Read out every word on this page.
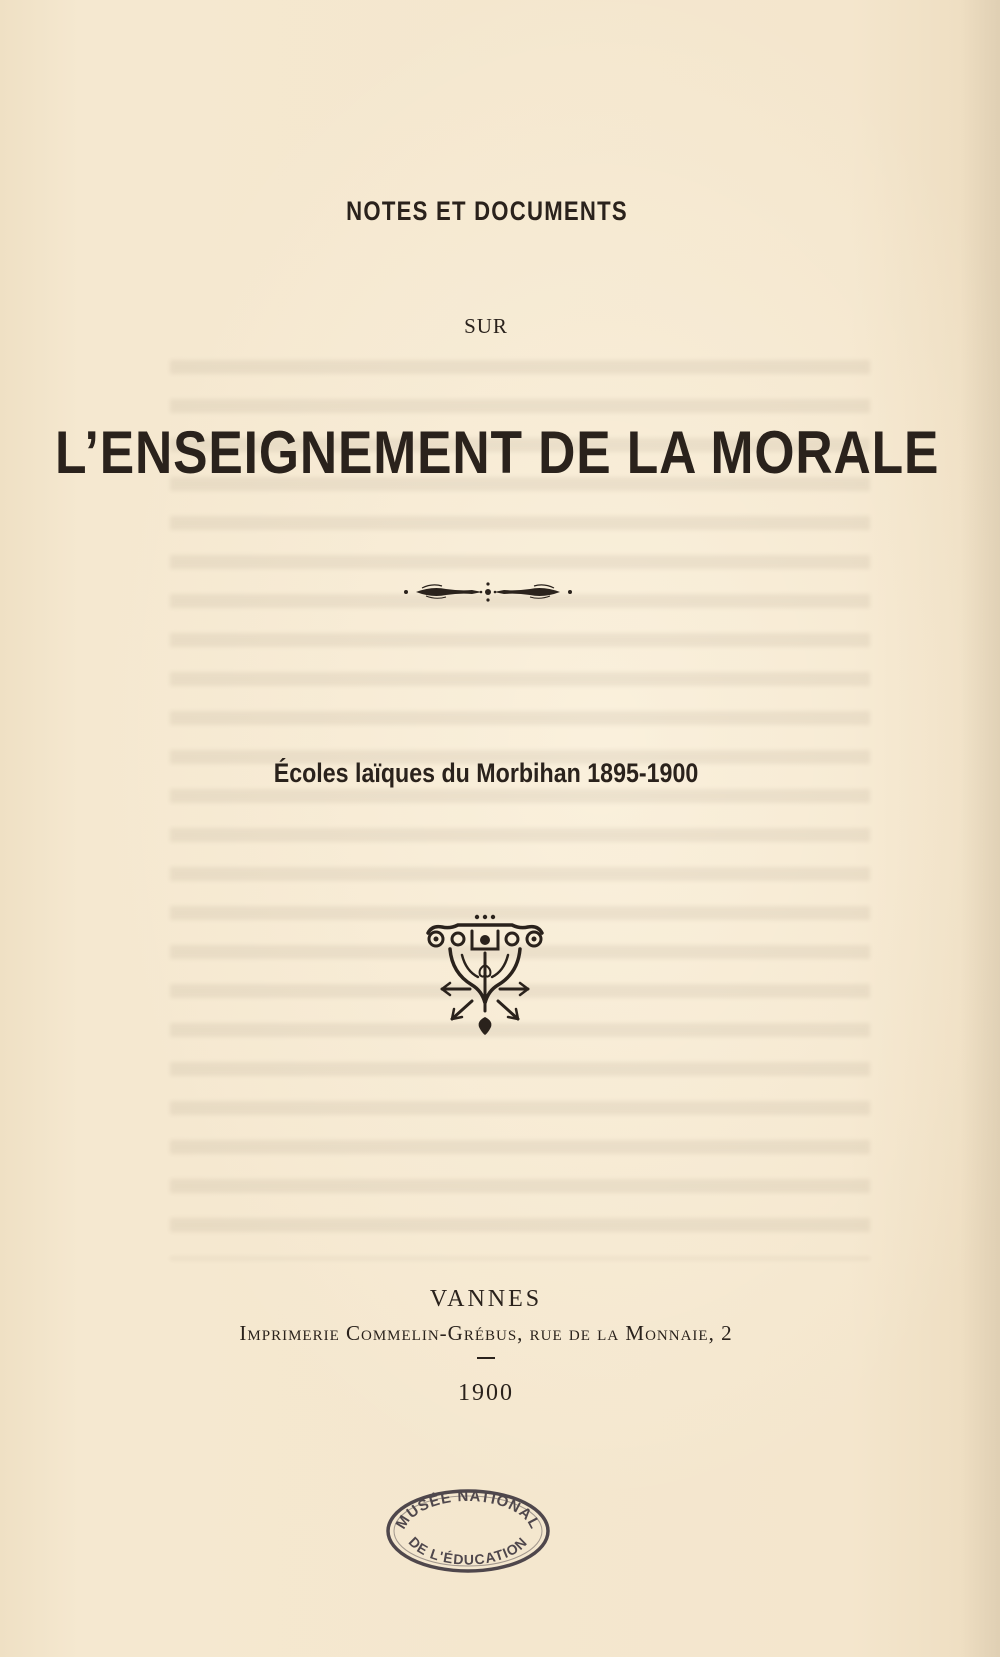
NOTES ET DOCUMENTS
SUR
L’ENSEIGNEMENT DE LA MORALE
Écoles laïques du Morbihan 1895-1900
VANNES
Imprimerie Commelin-Grébus, rue de la Monnaie, 2
1900
MUSÉE NATIONAL
DE L'ÉDUCATION
